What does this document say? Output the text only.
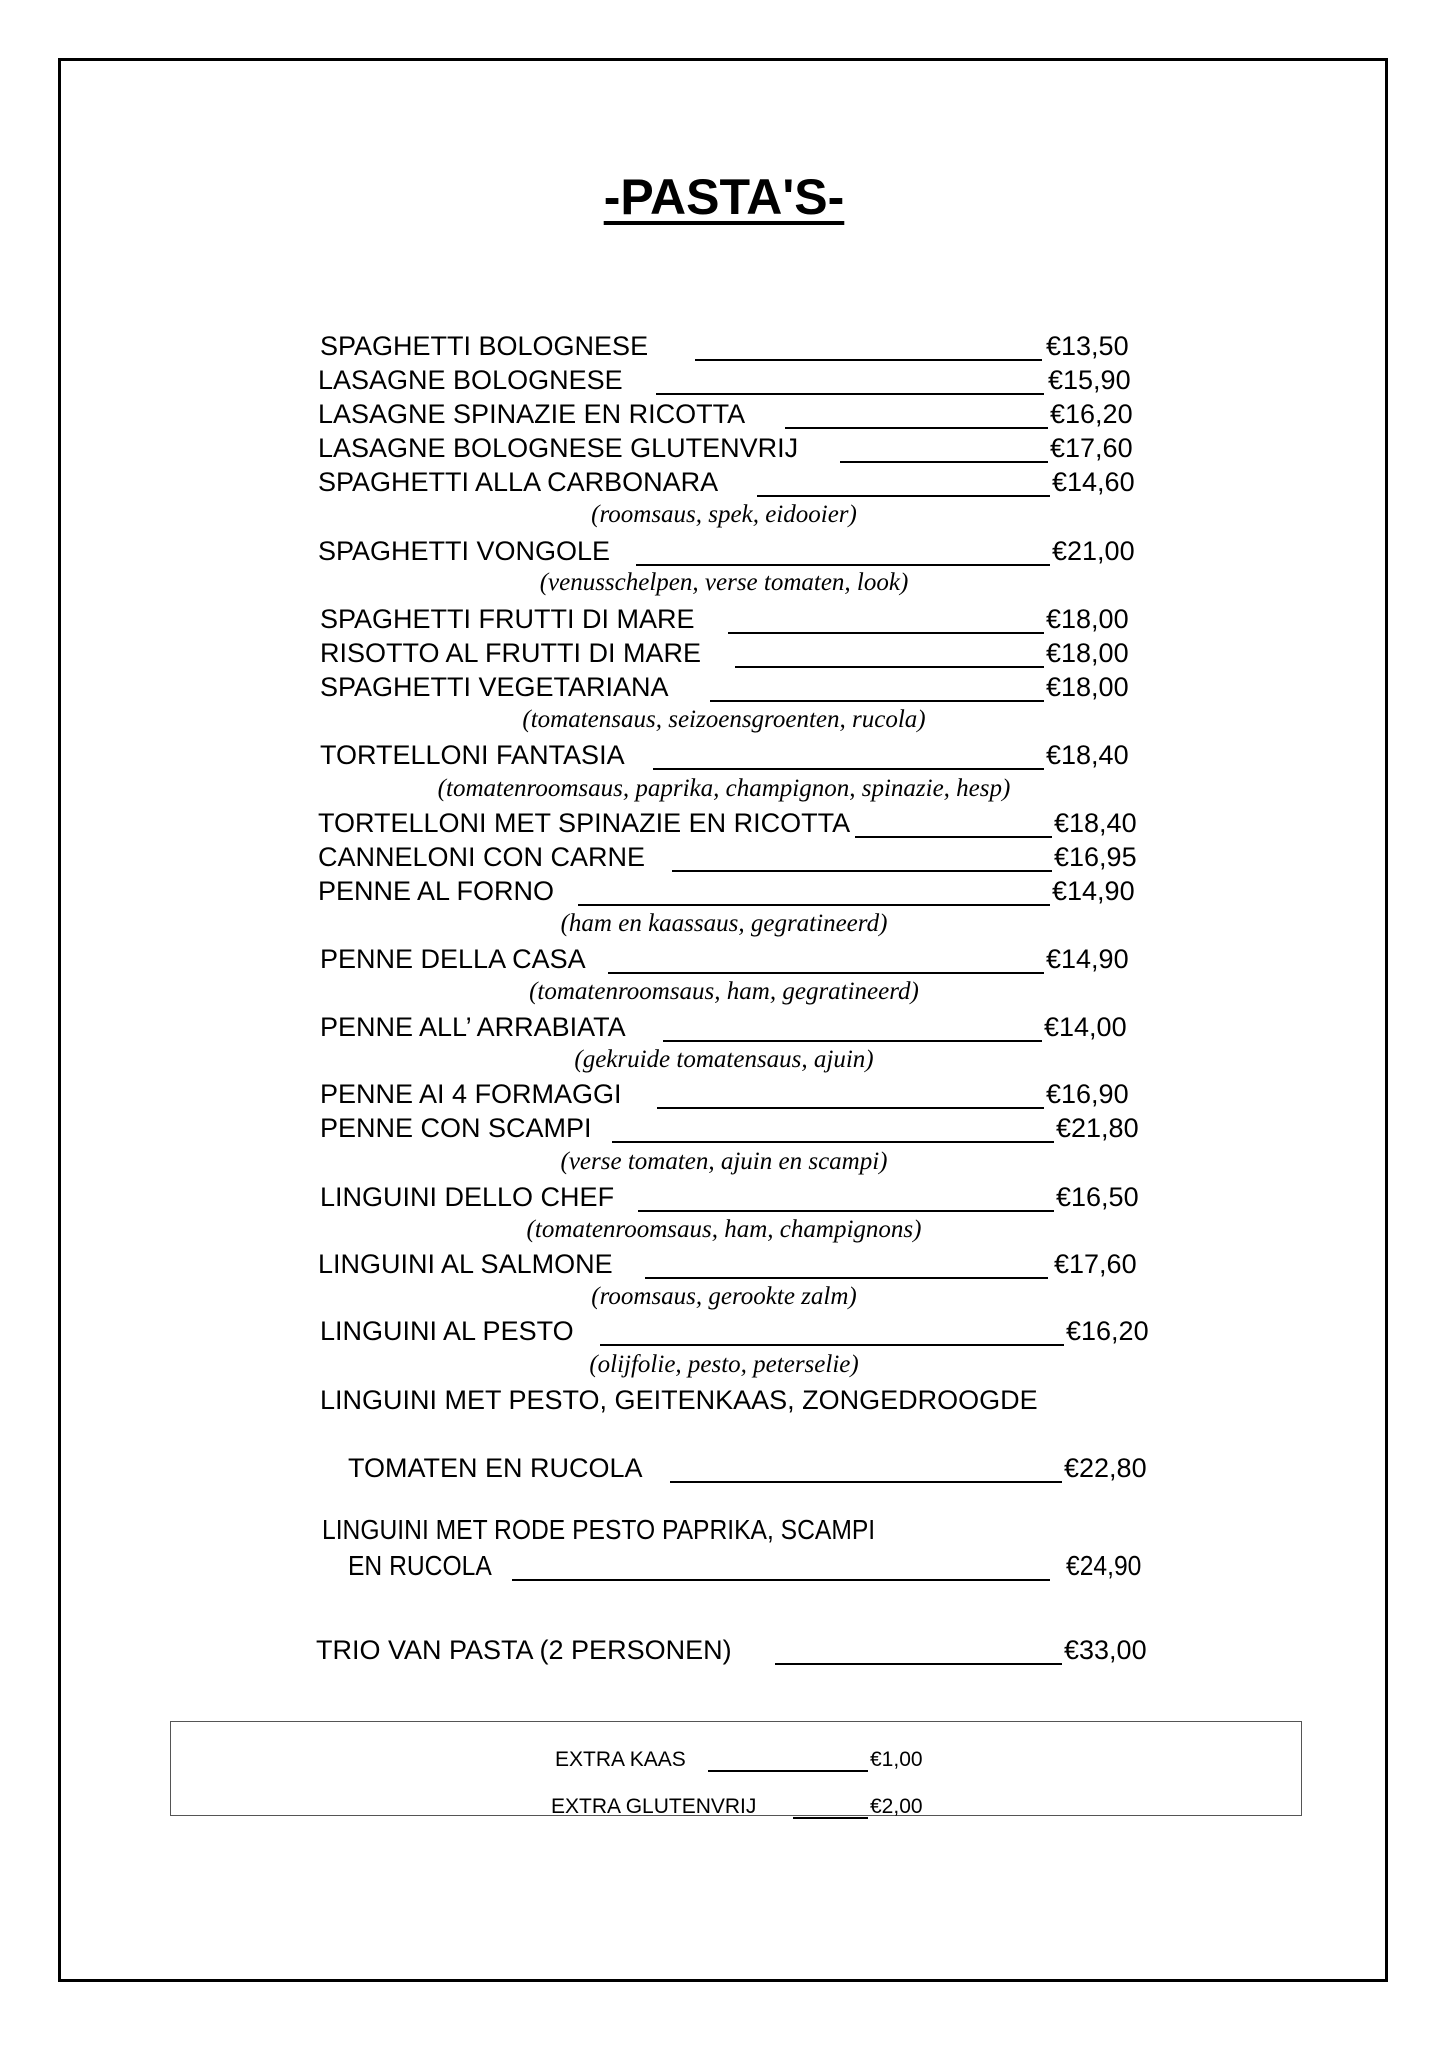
-PASTA'S-
SPAGHETTI BOLOGNESE	€13,50
LASAGNE BOLOGNESE	€15,90
LASAGNE SPINAZIE EN RICOTTA	€16,20
LASAGNE BOLOGNESE GLUTENVRIJ	€17,60
SPAGHETTI ALLA CARBONARA	€14,60
(roomsaus, spek, eidooier)
SPAGHETTI VONGOLE	€21,00
(venusschelpen, verse tomaten, look)
SPAGHETTI FRUTTI DI MARE	€18,00
RISOTTO AL FRUTTI DI MARE	€18,00
SPAGHETTI VEGETARIANA	€18,00
(tomatensaus, seizoensgroenten, rucola)
TORTELLONI FANTASIA	€18,40
(tomatenroomsaus, paprika, champignon, spinazie, hesp)
TORTELLONI MET SPINAZIE EN RICOTTA	€18,40
CANNELONI CON CARNE	€16,95
PENNE AL FORNO	€14,90
(ham en kaassaus, gegratineerd)
PENNE DELLA CASA	€14,90
(tomatenroomsaus, ham, gegratineerd)
PENNE ALL’ ARRABIATA	€14,00
(gekruide tomatensaus, ajuin)
PENNE AI 4 FORMAGGI	€16,90
PENNE CON SCAMPI	€21,80
(verse tomaten, ajuin en scampi)
LINGUINI DELLO CHEF	€16,50
(tomatenroomsaus, ham, champignons)
LINGUINI AL SALMONE	€17,60
(roomsaus, gerookte zalm)
LINGUINI AL PESTO	€16,20
(olijfolie, pesto, peterselie)
LINGUINI MET PESTO, GEITENKAAS, ZONGEDROOGDE
TOMATEN EN RUCOLA	€22,80
LINGUINI MET RODE PESTO PAPRIKA, SCAMPI
EN RUCOLA	€24,90
TRIO VAN PASTA (2 PERSONEN)	€33,00
EXTRA KAAS	€1,00
EXTRA GLUTENVRIJ	€2,00
